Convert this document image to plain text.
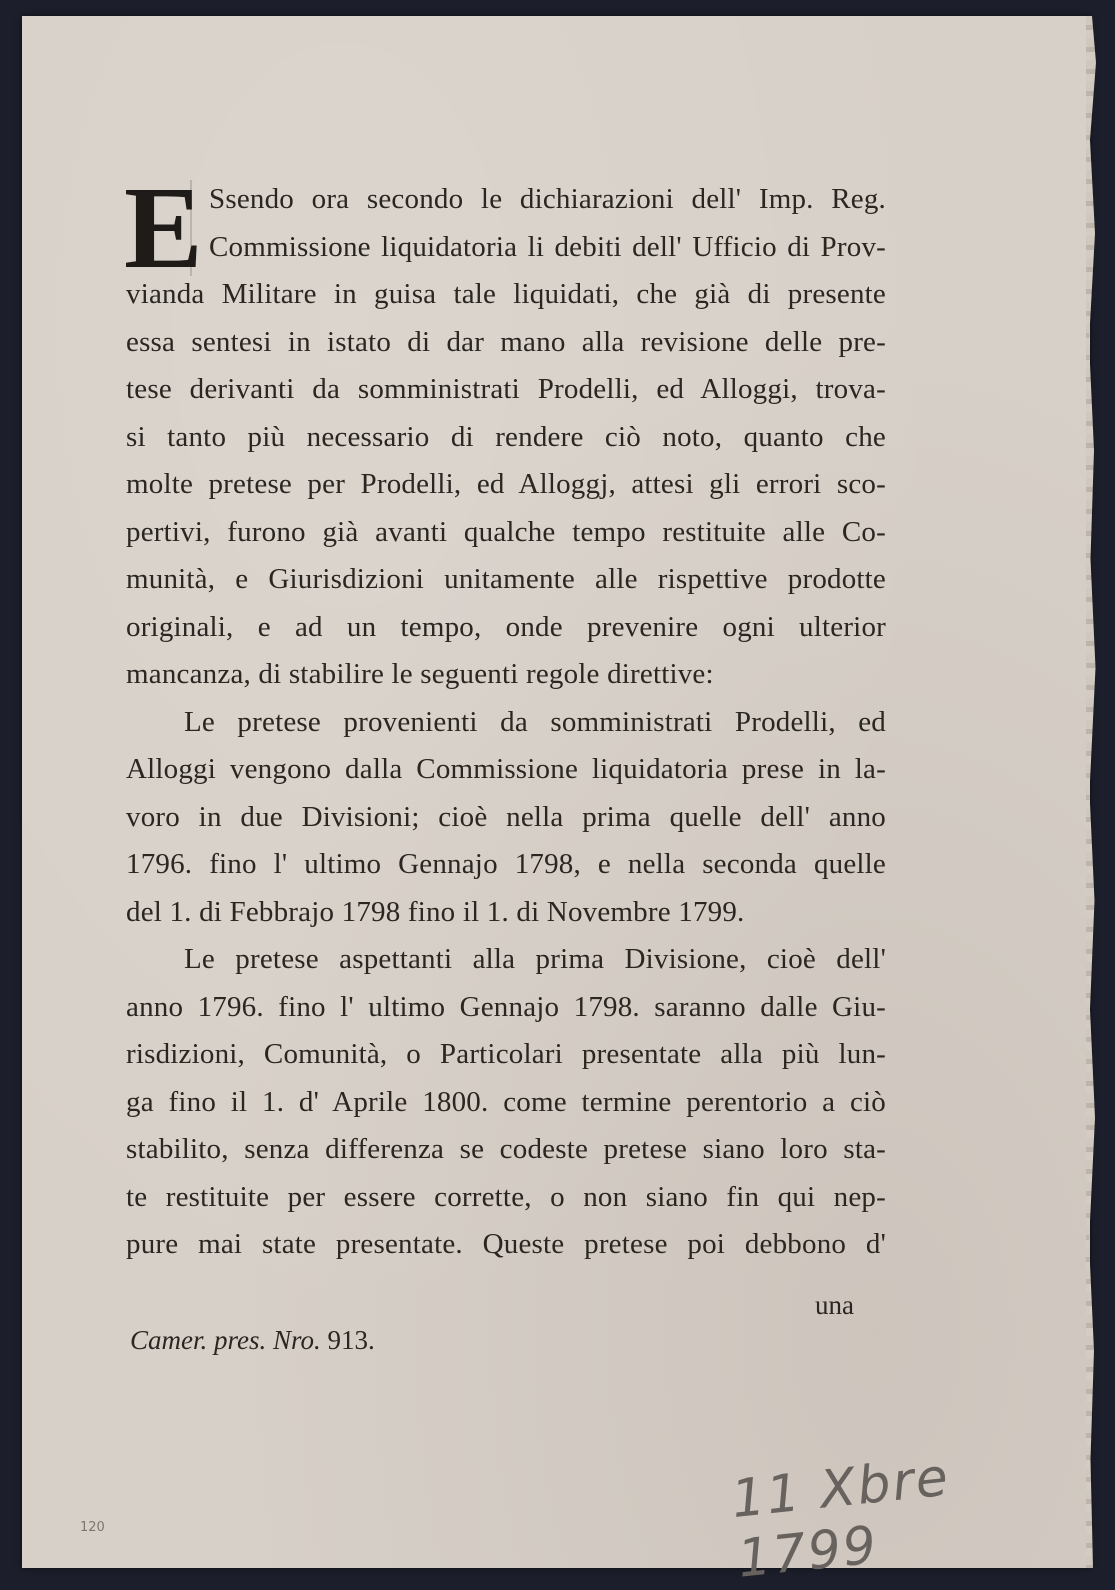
E Ssendo ora secondo le dichiarazioni dell' Imp. Reg.
Commissione liquidatoria li debiti dell' Ufficio di Prov-
vianda Militare in guisa tale liquidati, che già di presente
essa sentesi in istato di dar mano alla revisione delle pre-
tese derivanti da somministrati Prodelli, ed Alloggi, trova-
si tanto più necessario di rendere ciò noto, quanto che
molte pretese per Prodelli, ed Alloggj, attesi gli errori sco-
pertivi, furono già avanti qualche tempo restituite alle Co-
munità, e Giurisdizioni unitamente alle rispettive prodotte
originali, e ad un tempo, onde prevenire ogni ulterior
mancanza, di stabilire le seguenti regole direttive:
Le pretese provenienti da somministrati Prodelli, ed
Alloggi vengono dalla Commissione liquidatoria prese in la-
voro in due Divisioni; cioè nella prima quelle dell' anno
1796. fino l' ultimo Gennajo 1798, e nella seconda quelle
del 1. di Febbrajo 1798 fino il 1. di Novembre 1799.
Le pretese aspettanti alla prima Divisione, cioè dell'
anno 1796. fino l' ultimo Gennajo 1798. saranno dalle Giu-
risdizioni, Comunità, o Particolari presentate alla più lun-
ga fino il 1. d' Aprile 1800. come termine perentorio a ciò
stabilito, senza differenza se codeste pretese siano loro sta-
te restituite per essere corrette, o non siano fin qui nep-
pure mai state presentate. Queste pretese poi debbono d'
una
Camer. pres. Nro. 913.
120	11 Xbre 1799
